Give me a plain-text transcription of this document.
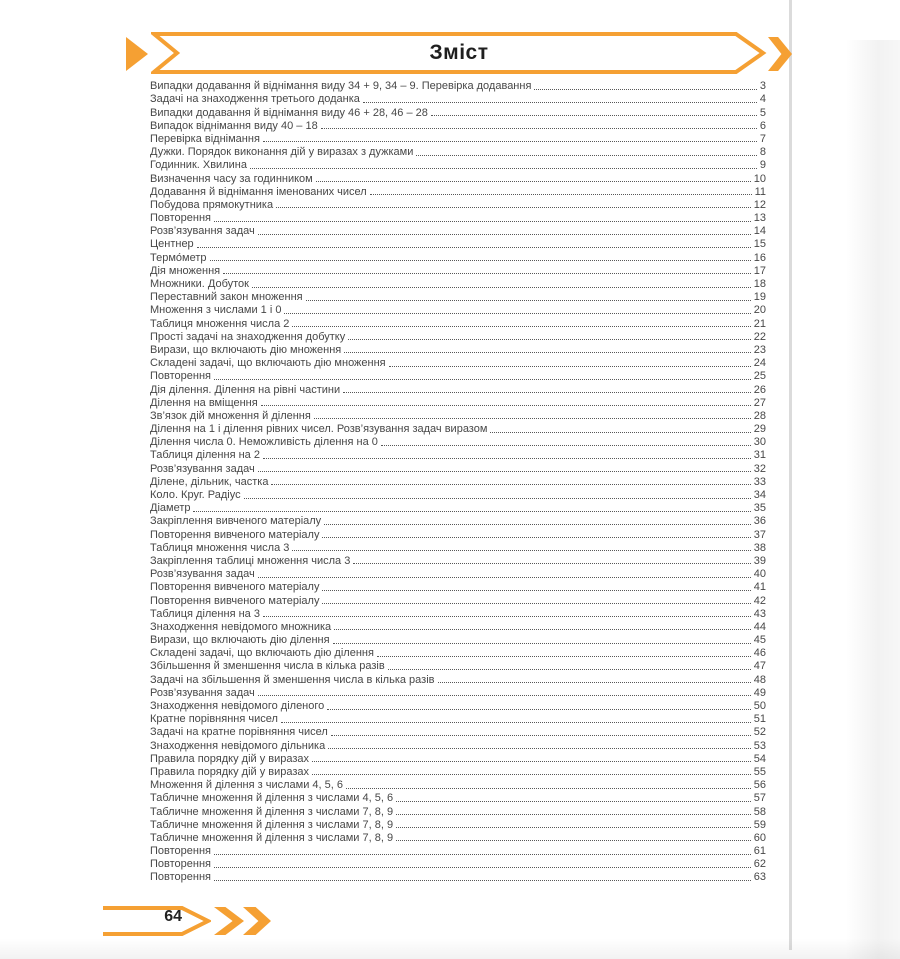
Зміст
Випадки додавання й віднімання виду 34 + 9, 34 – 9. Перевірка додавання	3
Задачі на знаходження третього доданка	4
Випадки додавання й віднімання виду 46 + 28, 46 – 28	5
Випадок віднімання виду 40 – 18	6
Перевірка віднімання	7
Дужки. Порядок виконання дій у виразах з дужками	8
Годинник. Хвилина	9
Визначення часу за годинником	10
Додавання й віднімання іменованих чисел	11
Побудова прямокутника	12
Повторення	13
Розв’язування задач	14
Центнер	15
Термо́метр	16
Дія множення	17
Множники. Добуток	18
Переставний закон множення	19
Множення з числами 1 і 0	20
Таблиця множення числа 2	21
Прості задачі на знаходження добутку	22
Вирази, що включають дію множення	23
Складені задачі, що включають дію множення	24
Повторення	25
Дія ділення. Ділення на рівні частини	26
Ділення на вміщення	27
Зв’язок дій множення й ділення	28
Ділення на 1 і ділення рівних чисел. Розв’язування задач виразом	29
Ділення числа 0. Неможливість ділення на 0	30
Таблиця ділення на 2	31
Розв’язування задач	32
Ділене, дільник, частка	33
Коло. Круг. Радіус	34
Діаметр	35
Закріплення вивченого матеріалу	36
Повторення вивченого матеріалу	37
Таблиця множення числа 3	38
Закріплення таблиці множення числа 3	39
Розв’язування задач	40
Повторення вивченого матеріалу	41
Повторення вивченого матеріалу	42
Таблиця ділення на 3	43
Знаходження невідомого множника	44
Вирази, що включають дію ділення	45
Складені задачі, що включають дію ділення	46
Збільшення й зменшення числа в кілька разів	47
Задачі на збільшення й зменшення числа в кілька разів	48
Розв’язування задач	49
Знаходження невідомого діленого	50
Кратне порівняння чисел	51
Задачі на кратне порівняння чисел	52
Знаходження невідомого дільника	53
Правила порядку дій у виразах	54
Правила порядку дій у виразах	55
Множення й ділення з числами 4, 5, 6	56
Табличне множення й ділення з числами 4, 5, 6	57
Табличне множення й ділення з числами 7, 8, 9	58
Табличне множення й ділення з числами 7, 8, 9	59
Табличне множення й ділення з числами 7, 8, 9	60
Повторення	61
Повторення	62
Повторення	63
64
